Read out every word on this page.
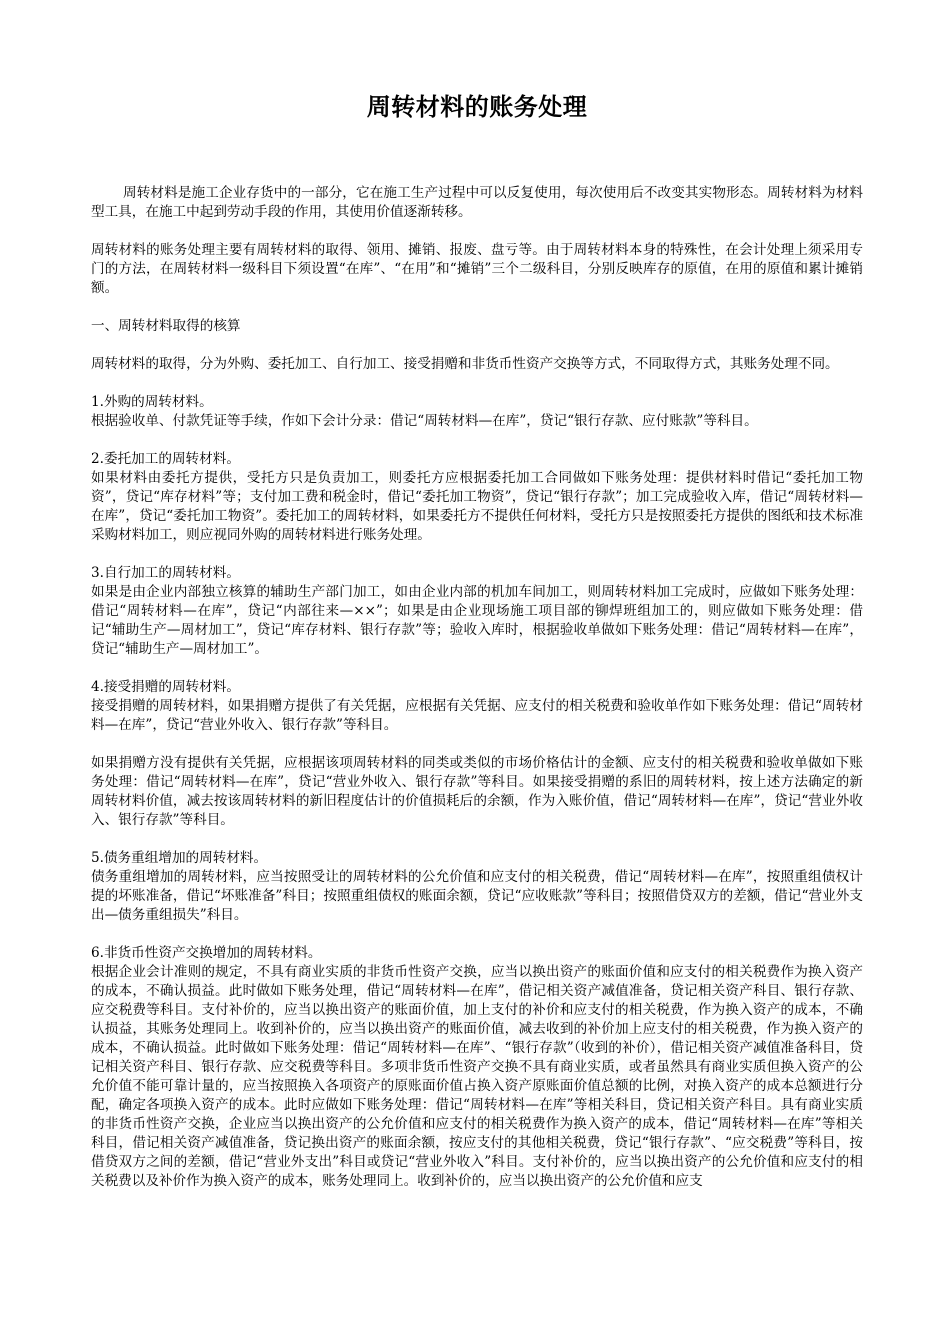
周转材料的账务处理

周转材料是施工企业存货中的一部分，它在施工生产过程中可以反复使用，每次使用后不改变其实物形态。周转材料为材料型工具，在施工中起到劳动手段的作用，其使用价值逐渐转移。

周转材料的账务处理主要有周转材料的取得、领用、摊销、报废、盘亏等。由于周转材料本身的特殊性，在会计处理上须采用专门的方法，在周转材料一级科目下须设置“在库”、“在用”和“摊销”三个二级科目，分别反映库存的原值，在用的原值和累计摊销额。

一、周转材料取得的核算

周转材料的取得，分为外购、委托加工、自行加工、接受捐赠和非货币性资产交换等方式，不同取得方式，其账务处理不同。

1.外购的周转材料。

根据验收单、付款凭证等手续，作如下会计分录：借记“周转材料—在库”，贷记“银行存款、应付账款”等科目。

2.委托加工的周转材料。

如果材料由委托方提供，受托方只是负责加工，则委托方应根据委托加工合同做如下账务处理：提供材料时借记“委托加工物资”，贷记“库存材料”等；支付加工费和税金时，借记“委托加工物资”，贷记“银行存款”；加工完成验收入库，借记“周转材料—在库”，贷记“委托加工物资”。委托加工的周转材料，如果委托方不提供任何材料，受托方只是按照委托方提供的图纸和技术标准采购材料加工，则应视同外购的周转材料进行账务处理。

3.自行加工的周转材料。

如果是由企业内部独立核算的辅助生产部门加工，如由企业内部的机加车间加工，则周转材料加工完成时，应做如下账务处理：借记“周转材料—在库”，贷记“内部往来—××”；如果是由企业现场施工项目部的铆焊班组加工的，则应做如下账务处理：借记“辅助生产—周材加工”，贷记“库存材料、银行存款”等；验收入库时，根据验收单做如下账务处理：借记“周转材料—在库”，贷记“辅助生产—周材加工”。

4.接受捐赠的周转材料。

接受捐赠的周转材料，如果捐赠方提供了有关凭据，应根据有关凭据、应支付的相关税费和验收单作如下账务处理：借记“周转材料—在库”，贷记“营业外收入、银行存款”等科目。

如果捐赠方没有提供有关凭据，应根据该项周转材料的同类或类似的市场价格估计的金额、应支付的相关税费和验收单做如下账务处理：借记“周转材料—在库”，贷记“营业外收入、银行存款”等科目。如果接受捐赠的系旧的周转材料，按上述方法确定的新周转材料价值，减去按该周转材料的新旧程度估计的价值损耗后的余额，作为入账价值，借记“周转材料—在库”，贷记“营业外收入、银行存款”等科目。

5.债务重组增加的周转材料。

债务重组增加的周转材料，应当按照受让的周转材料的公允价值和应支付的相关税费，借记“周转材料—在库”，按照重组债权计提的坏账准备，借记“坏账准备”科目；按照重组债权的账面余额，贷记“应收账款”等科目；按照借贷双方的差额，借记“营业外支出—债务重组损失”科目。

6.非货币性资产交换增加的周转材料。

根据企业会计准则的规定，不具有商业实质的非货币性资产交换，应当以换出资产的账面价值和应支付的相关税费作为换入资产的成本，不确认损益。此时做如下账务处理，借记“周转材料—在库”，借记相关资产减值准备，贷记相关资产科目、银行存款、应交税费等科目。支付补价的，应当以换出资产的账面价值，加上支付的补价和应支付的相关税费，作为换入资产的成本，不确认损益，其账务处理同上。收到补价的，应当以换出资产的账面价值，减去收到的补价加上应支付的相关税费，作为换入资产的成本，不确认损益。此时做如下账务处理：借记“周转材料—在库”、“银行存款”（收到的补价），借记相关资产减值准备科目，贷记相关资产科目、银行存款、应交税费等科目。多项非货币性资产交换不具有商业实质，或者虽然具有商业实质但换入资产的公允价值不能可靠计量的，应当按照换入各项资产的原账面价值占换入资产原账面价值总额的比例，对换入资产的成本总额进行分配，确定各项换入资产的成本。此时应做如下账务处理：借记“周转材料—在库”等相关科目，贷记相关资产科目。具有商业实质的非货币性资产交换，企业应当以换出资产的公允价值和应支付的相关税费作为换入资产的成本，借记“周转材料—在库”等相关科目，借记相关资产减值准备，贷记换出资产的账面余额，按应支付的其他相关税费，贷记“银行存款”、“应交税费”等科目，按借贷双方之间的差额，借记“营业外支出”科目或贷记“营业外收入”科目。支付补价的，应当以换出资产的公允价值和应支付的相关税费以及补价作为换入资产的成本，账务处理同上。收到补价的，应当以换出资产的公允价值和应支
